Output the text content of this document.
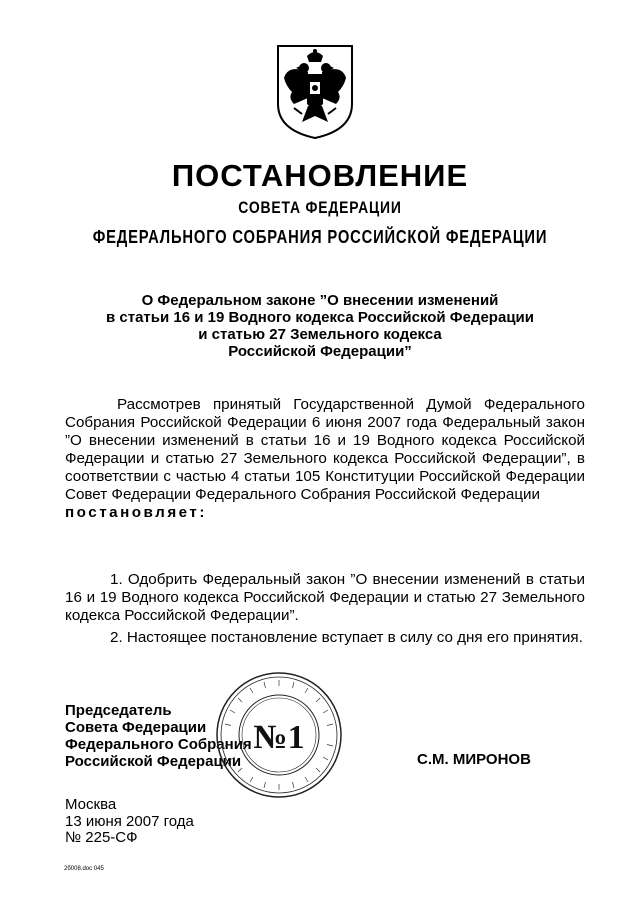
ПОСТАНОВЛЕНИЕ
СОВЕТА ФЕДЕРАЦИИ
ФЕДЕРАЛЬНОГО СОБРАНИЯ РОССИЙСКОЙ ФЕДЕРАЦИИ
О Федеральном законе ”О внесении изменений
в статьи 16 и 19 Водного кодекса Российской Федерации
и статью 27 Земельного кодекса
Российской Федерации”
Рассмотрев принятый Государственной Думой Федерального Собрания Российской Федерации 6 июня 2007 года Федеральный закон ”О внесении изменений в статьи 16 и 19 Водного кодекса Российской Федерации и статью 27 Земельного кодекса Российской Федерации”, в соответствии с частью 4 статьи 105 Конституции Российской Федерации Совет Федерации Федерального Собрания Российской Федерации
постановляет:
1. Одобрить Федеральный закон ”О внесении изменений в статьи 16 и 19 Водного кодекса Российской Федерации и статью 27 Земельного кодекса Российской Федерации”.
2. Настоящее постановление вступает в силу со дня его принятия.
Председатель
Совета Федерации
Федерального Собрания
Российской Федерации
№1
С.М. МИРОНОВ
Москва
13 июня 2007 года
№ 225-СФ
2б008.doc 045
